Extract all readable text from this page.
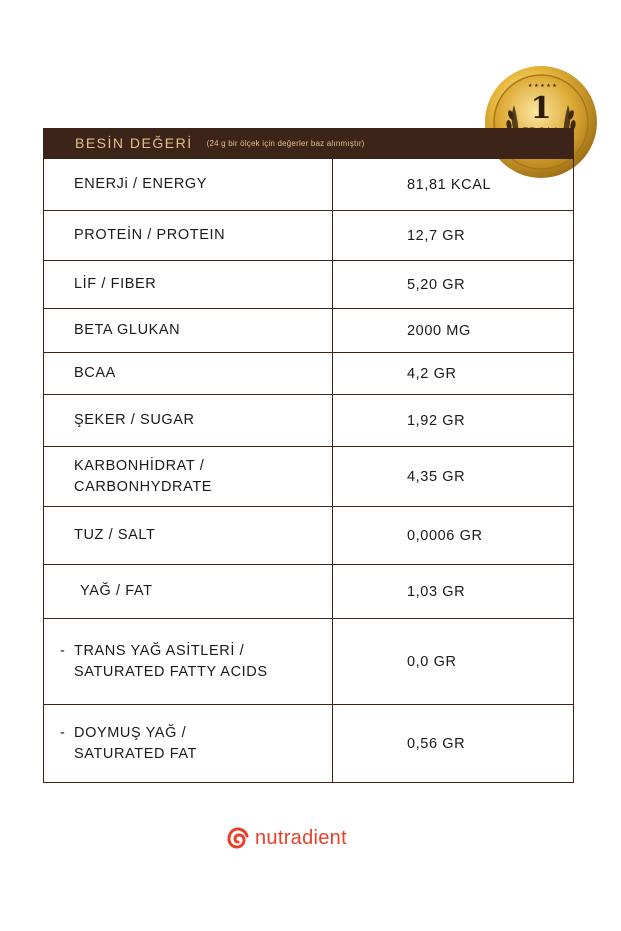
★ ★ ★ ★ ★
1
BESİN DEĞERİ (24 g bir ölçek için değerler baz alınmıştır)
ENERJi / ENERGY	81,81 KCAL

PROTEİN / PROTEIN	12,7 GR

LİF / FIBER	5,20 GR

BETA GLUKAN	2000 MG

BCAA	4,2 GR

ŞEKER / SUGAR	1,92 GR

KARBONHİDRAT /
CARBONHYDRATE	4,35 GR

TUZ / SALT	0,0006 GR

YAĞ / FAT	1,03 GR

- TRANS YAĞ ASİTLERİ /
SATURATED FATTY ACIDS	0,0 GR

- DOYMUŞ YAĞ /
SATURATED FAT	0,56 GR
nutradient
